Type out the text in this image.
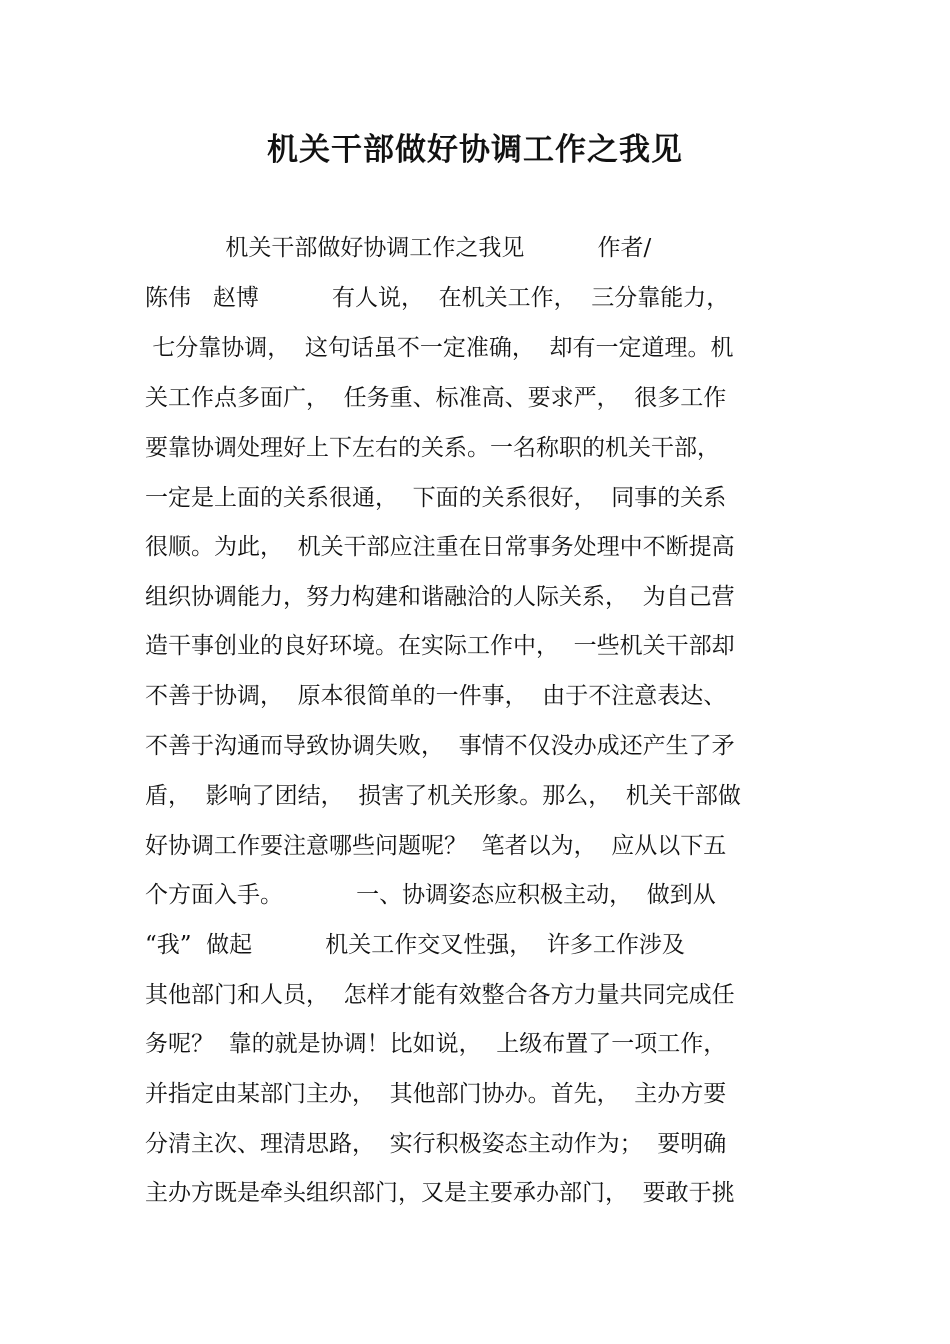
机关干部做好协调工作之我见

机关干部做好协调工作之我见          作者/

陈伟   赵博          有人说，  在机关工作，  三分靠能力，

七分靠协调，  这句话虽不一定准确，  却有一定道理。机

关工作点多面广，  任务重、标准高、要求严，  很多工作

要靠协调处理好上下左右的关系。一名称职的机关干部，

一定是上面的关系很通，  下面的关系很好，  同事的关系

很顺。为此，  机关干部应注重在日常事务处理中不断提高

组织协调能力，努力构建和谐融洽的人际关系，  为自己营

造干事创业的良好环境。在实际工作中，  一些机关干部却

不善于协调，  原本很简单的一件事，  由于不注意表达、

不善于沟通而导致协调失败，  事情不仅没办成还产生了矛

盾，  影响了团结，  损害了机关形象。那么，  机关干部做

好协调工作要注意哪些问题呢？  笔者以为，  应从以下五

个方面入手。          一、协调姿态应积极主动，  做到从

“我”  做起          机关工作交叉性强，  许多工作涉及

其他部门和人员，  怎样才能有效整合各方力量共同完成任

务呢？  靠的就是协调！比如说，  上级布置了一项工作，

并指定由某部门主办，  其他部门协办。首先，  主办方要

分清主次、理清思路，  实行积极姿态主动作为；  要明确

主办方既是牵头组织部门，又是主要承办部门，  要敢于挑
